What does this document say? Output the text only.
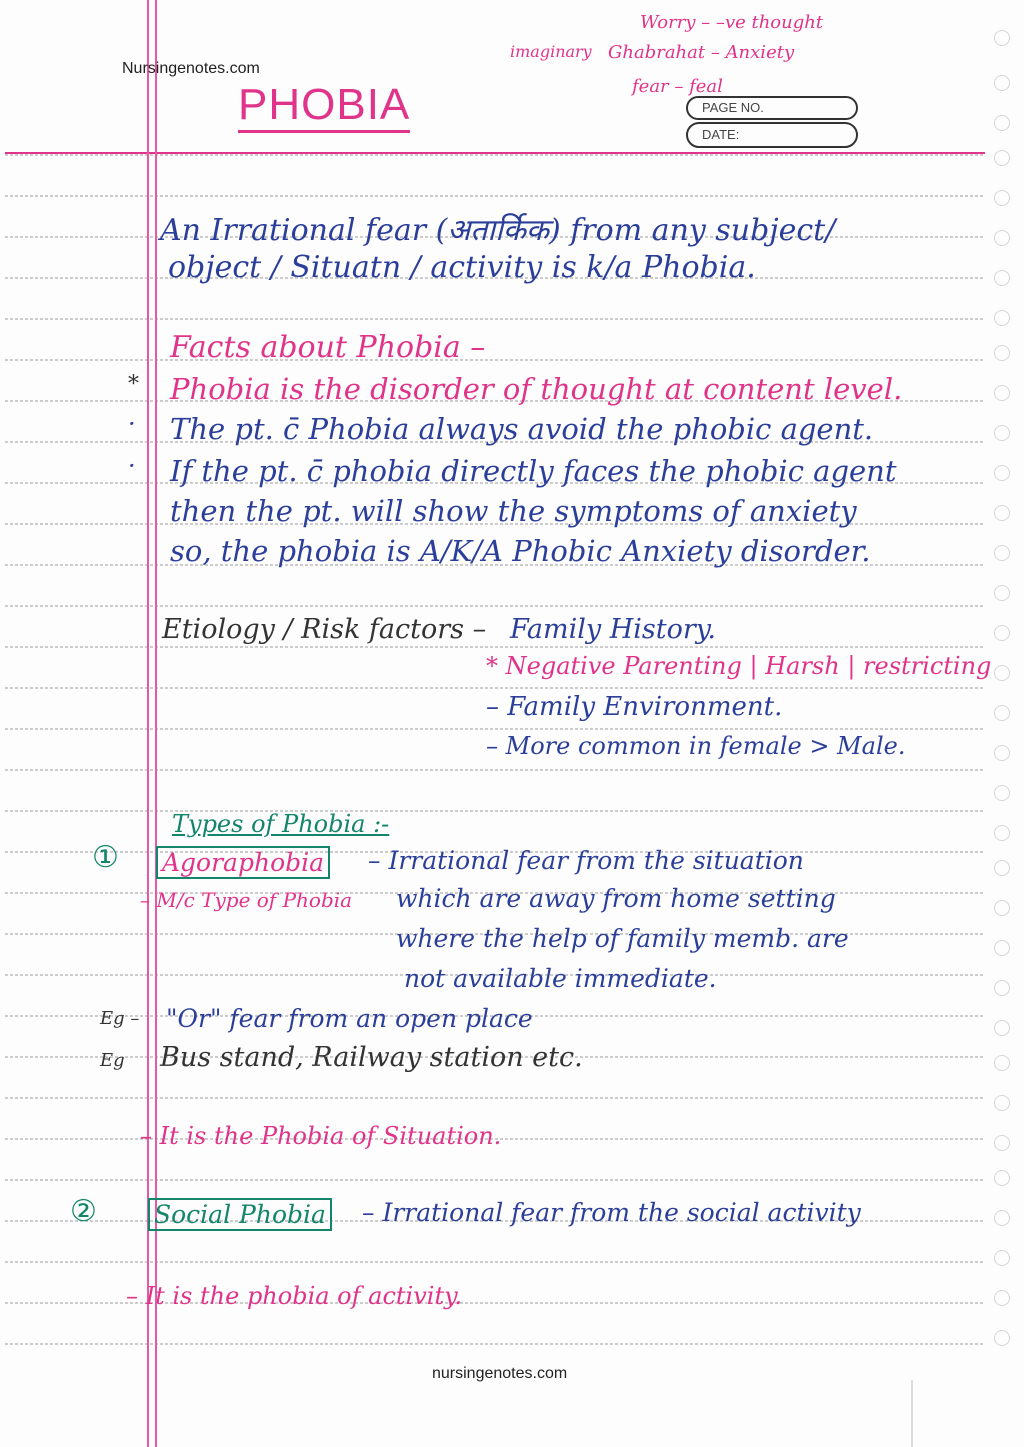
Nursingenotes.com
PHOBIA	PAGE NO.
DATE:
Worry – –ve thought
imaginary Ghabrahat – Anxiety
fear – feal
An Irrational fear (अतार्किक) from any subject/
object / Situatn / activity is k/a Phobia.
Facts about Phobia –
* Phobia is the disorder of thought at content level.
· The pt. c̄ Phobia always avoid the phobic agent.
· If the pt. c̄ phobia directly faces the phobic agent
then the pt. will show the symptoms of anxiety
so, the phobia is A/K/A Phobic Anxiety disorder.
Etiology / Risk factors – Family History.
* Negative Parenting | Harsh | restricting
– Family Environment.
– More common in female > Male.
Types of Phobia :-
① Agoraphobia – Irrational fear from the situation
– M/c Type of Phobia which are away from home setting
where the help of family memb. are
not available immediate.
Eg – "Or" fear from an open place
Eg Bus stand, Railway station etc.
– It is the Phobia of Situation.
② Social Phobia – Irrational fear from the social activity
– It is the phobia of activity.
nursingenotes.com
